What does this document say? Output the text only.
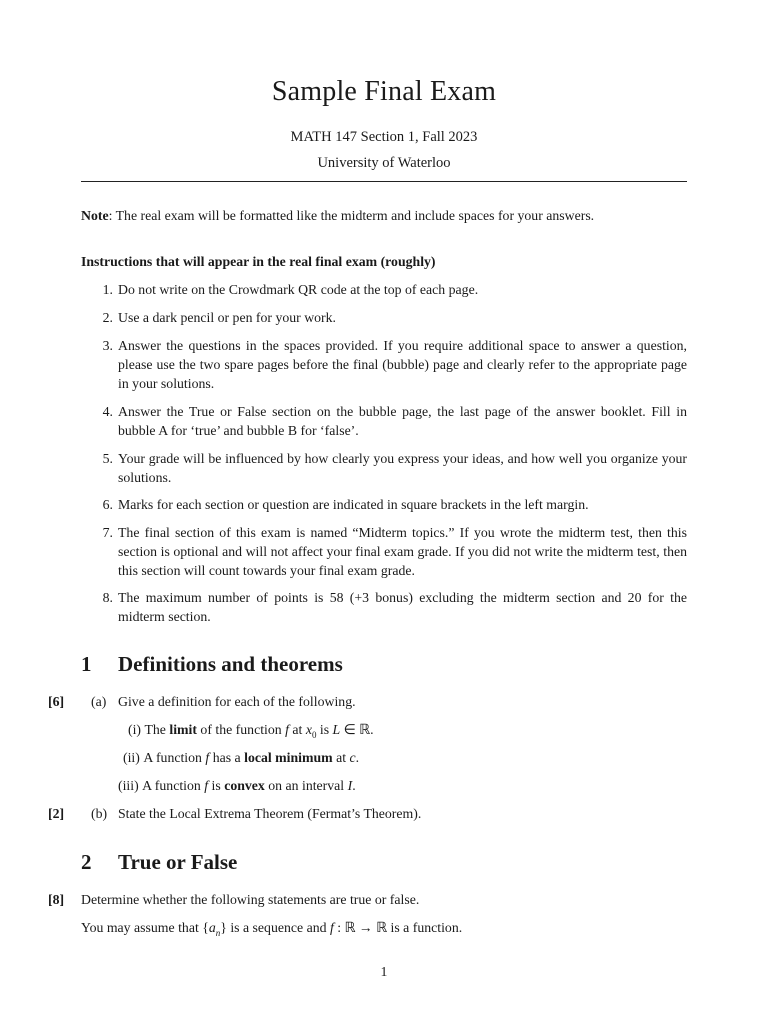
Sample Final Exam
MATH 147 Section 1, Fall 2023
University of Waterloo
Note: The real exam will be formatted like the midterm and include spaces for your answers.
Instructions that will appear in the real final exam (roughly)
1. Do not write on the Crowdmark QR code at the top of each page.
2. Use a dark pencil or pen for your work.
3. Answer the questions in the spaces provided. If you require additional space to answer a question, please use the two spare pages before the final (bubble) page and clearly refer to the appropriate page in your solutions.
4. Answer the True or False section on the bubble page, the last page of the answer booklet. Fill in bubble A for ‘true’ and bubble B for ‘false’.
5. Your grade will be influenced by how clearly you express your ideas, and how well you organize your solutions.
6. Marks for each section or question are indicated in square brackets in the left margin.
7. The final section of this exam is named “Midterm topics.” If you wrote the midterm test, then this section is optional and will not affect your final exam grade. If you did not write the midterm test, then this section will count towards your final exam grade.
8. The maximum number of points is 58 (+3 bonus) excluding the midterm section and 20 for the midterm section.
1 Definitions and theorems
[6] (a) Give a definition for each of the following.
(i) The limit of the function f at $x_0$ is L ∈ ℝ.
(ii) A function f has a local minimum at c.
(iii) A function f is convex on an interval I.
[2] (b) State the Local Extrema Theorem (Fermat’s Theorem).
2 True or False
[8] Determine whether the following statements are true or false.
You may assume that $\{a_n\}$ is a sequence and f : ℝ → ℝ is a function.
1
